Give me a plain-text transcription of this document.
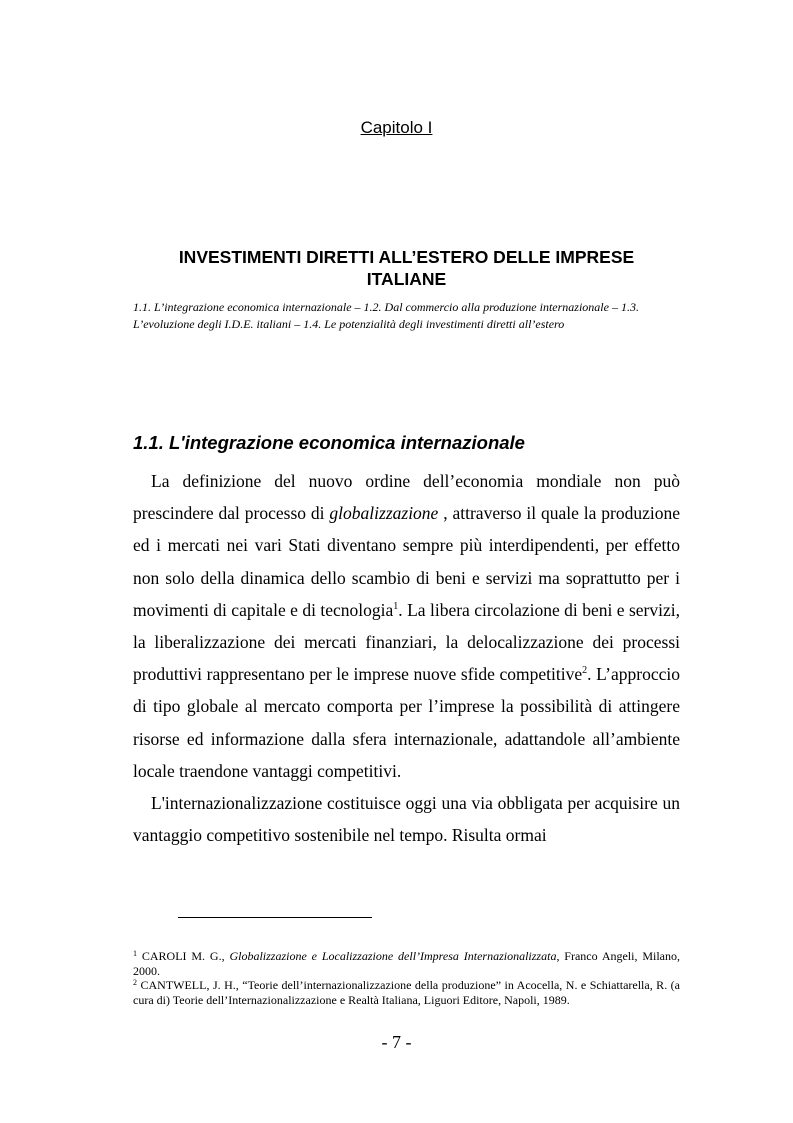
Capitolo I
INVESTIMENTI DIRETTI ALL’ESTERO DELLE IMPRESE ITALIANE
1.1. L’integrazione economica internazionale – 1.2. Dal commercio alla produzione internazionale – 1.3. L’evoluzione degli I.D.E. italiani – 1.4. Le potenzialità degli investimenti diretti all’estero
1.1. L'integrazione economica internazionale

La definizione del nuovo ordine dell’economia mondiale non può prescindere dal processo di globalizzazione , attraverso il quale la produzione ed i mercati nei vari Stati diventano sempre più interdipendenti, per effetto non solo della dinamica dello scambio di beni e servizi ma soprattutto per i movimenti di capitale e di tecnologia$^1$. La libera circolazione di beni e servizi, la liberalizzazione dei mercati finanziari, la delocalizzazione dei processi produttivi rappresentano per le imprese nuove sfide competitive$^2$. L’approccio di tipo globale al mercato comporta per l’imprese la possibilità di attingere risorse ed informazione dalla sfera internazionale, adattandole all’ambiente locale traendone vantaggi competitivi.

L'internazionalizzazione costituisce oggi una via obbligata per acquisire un vantaggio competitivo sostenibile nel tempo. Risulta ormai

$^1$ CAROLI M. G., Globalizzazione e Localizzazione dell’Impresa Internazionalizzata, Franco Angeli, Milano, 2000.

$^2$ CANTWELL, J. H., “Teorie dell’internazionalizzazione della produzione” in Acocella, N. e Schiattarella, R. (a cura di) Teorie dell’Internazionalizzazione e Realtà Italiana, Liguori Editore, Napoli, 1989.

- 7 -
